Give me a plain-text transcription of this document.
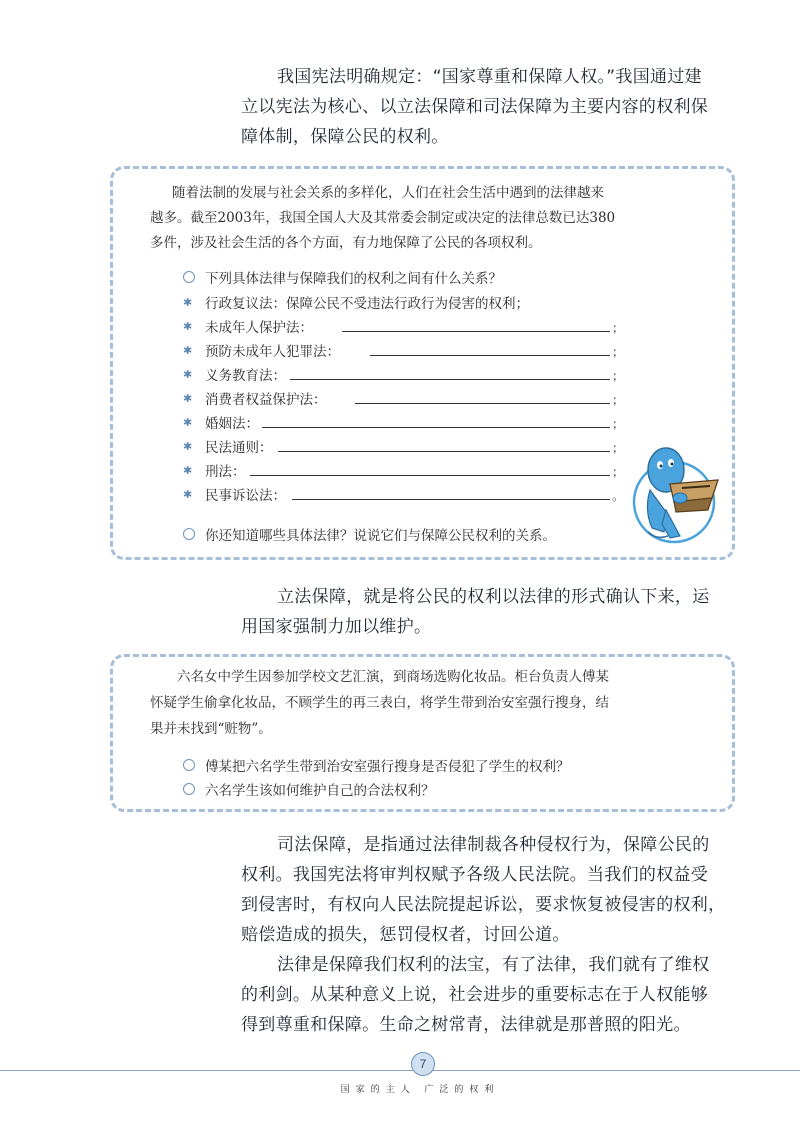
我国宪法明确规定：“国家尊重和保障人权。”我国通过建

立以宪法为核心、以立法保障和司法保障为主要内容的权利保

障体制，保障公民的权利。

随着法制的发展与社会关系的多样化，人们在社会生活中遇到的法律越来

越多。截至2003年，我国全国人大及其常委会制定或决定的法律总数已达380

多件，涉及社会生活的各个方面，有力地保障了公民的各项权利。

下列具体法律与保障我们的权利之间有什么关系？
✱ 行政复议法：保障公民不受违法行政行为侵害的权利；
✱ 未成年人保护法：	；
✱ 预防未成年人犯罪法：	；
✱ 义务教育法：	；
✱ 消费者权益保护法：	；
✱ 婚姻法：	；
✱ 民法通则：	；
✱ 刑法：	；
✱ 民事诉讼法：	。
你还知道哪些具体法律？说说它们与保障公民权利的关系。

立法保障，就是将公民的权利以法律的形式确认下来，运

用国家强制力加以维护。

六名女中学生因参加学校文艺汇演，到商场选购化妆品。柜台负责人傅某

怀疑学生偷拿化妆品，不顾学生的再三表白，将学生带到治安室强行搜身，结

果并未找到“赃物”。

傅某把六名学生带到治安室强行搜身是否侵犯了学生的权利？
六名学生该如何维护自己的合法权利？

司法保障，是指通过法律制裁各种侵权行为，保障公民的

权利。我国宪法将审判权赋予各级人民法院。当我们的权益受

到侵害时，有权向人民法院提起诉讼，要求恢复被侵害的权利，

赔偿造成的损失，惩罚侵权者，讨回公道。

法律是保障我们权利的法宝，有了法律，我们就有了维权

的利剑。从某种意义上说，社会进步的重要标志在于人权能够

得到尊重和保障。生命之树常青，法律就是那普照的阳光。

7
国家的主人 广泛的权利
